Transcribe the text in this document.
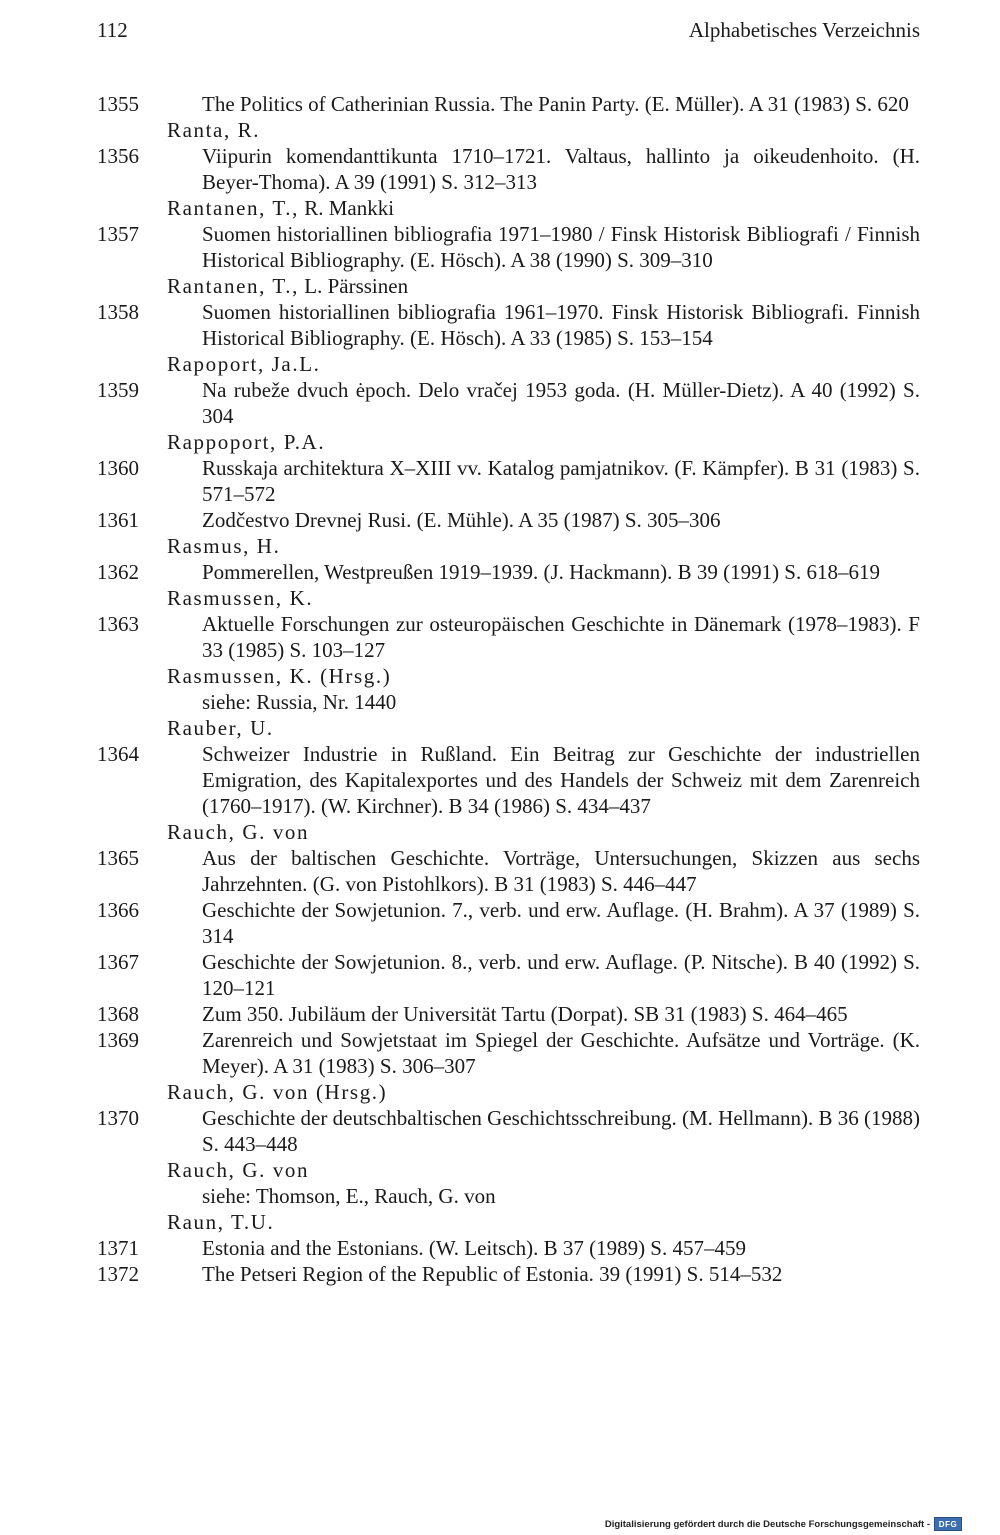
112	Alphabetisches Verzeichnis
1355	The Politics of Catherinian Russia. The Panin Party. (E. Müller). A 31 (1983) S. 620
Ranta, R.
1356	Viipurin komendanttikunta 1710–1721. Valtaus, hallinto ja oikeudenhoito. (H. Beyer-Thoma). A 39 (1991) S. 312–313
Rantanen, T., R. Mankki
1357	Suomen historiallinen bibliografia 1971–1980 / Finsk Historisk Bibliografi / Finnish Historical Bibliography. (E. Hösch). A 38 (1990) S. 309–310
Rantanen, T., L. Pärssinen
1358	Suomen historiallinen bibliografia 1961–1970. Finsk Historisk Bibliografi. Finnish Historical Bibliography. (E. Hösch). A 33 (1985) S. 153–154
Rapoport, Ja.L.
1359	Na rubeže dvuch ėpoch. Delo vračej 1953 goda. (H. Müller-Dietz). A 40 (1992) S. 304
Rappoport, P.A.
1360	Russkaja architektura X–XIII vv. Katalog pamjatnikov. (F. Kämpfer). B 31 (1983) S. 571–572
1361	Zodčestvo Drevnej Rusi. (E. Mühle). A 35 (1987) S. 305–306
Rasmus, H.
1362	Pommerellen, Westpreußen 1919–1939. (J. Hackmann). B 39 (1991) S. 618–619
Rasmussen, K.
1363	Aktuelle Forschungen zur osteuropäischen Geschichte in Dänemark (1978–1983). F 33 (1985) S. 103–127
Rasmussen, K. (Hrsg.)
siehe: Russia, Nr. 1440
Rauber, U.
1364	Schweizer Industrie in Rußland. Ein Beitrag zur Geschichte der industriellen Emigration, des Kapitalexportes und des Handels der Schweiz mit dem Zarenreich (1760–1917). (W. Kirchner). B 34 (1986) S. 434–437
Rauch, G. von
1365	Aus der baltischen Geschichte. Vorträge, Untersuchungen, Skizzen aus sechs Jahrzehnten. (G. von Pistohlkors). B 31 (1983) S. 446–447
1366	Geschichte der Sowjetunion. 7., verb. und erw. Auflage. (H. Brahm). A 37 (1989) S. 314
1367	Geschichte der Sowjetunion. 8., verb. und erw. Auflage. (P. Nitsche). B 40 (1992) S. 120–121
1368	Zum 350. Jubiläum der Universität Tartu (Dorpat). SB 31 (1983) S. 464–465
1369	Zarenreich und Sowjetstaat im Spiegel der Geschichte. Aufsätze und Vorträge. (K. Meyer). A 31 (1983) S. 306–307
Rauch, G. von (Hrsg.)
1370	Geschichte der deutschbaltischen Geschichtsschreibung. (M. Hellmann). B 36 (1988) S. 443–448
Rauch, G. von
siehe: Thomson, E., Rauch, G. von
Raun, T.U.
1371	Estonia and the Estonians. (W. Leitsch). B 37 (1989) S. 457–459
1372	The Petseri Region of the Republic of Estonia. 39 (1991) S. 514–532
Digitalisierung gefördert durch die Deutsche Forschungsgemeinschaft -	DFG
